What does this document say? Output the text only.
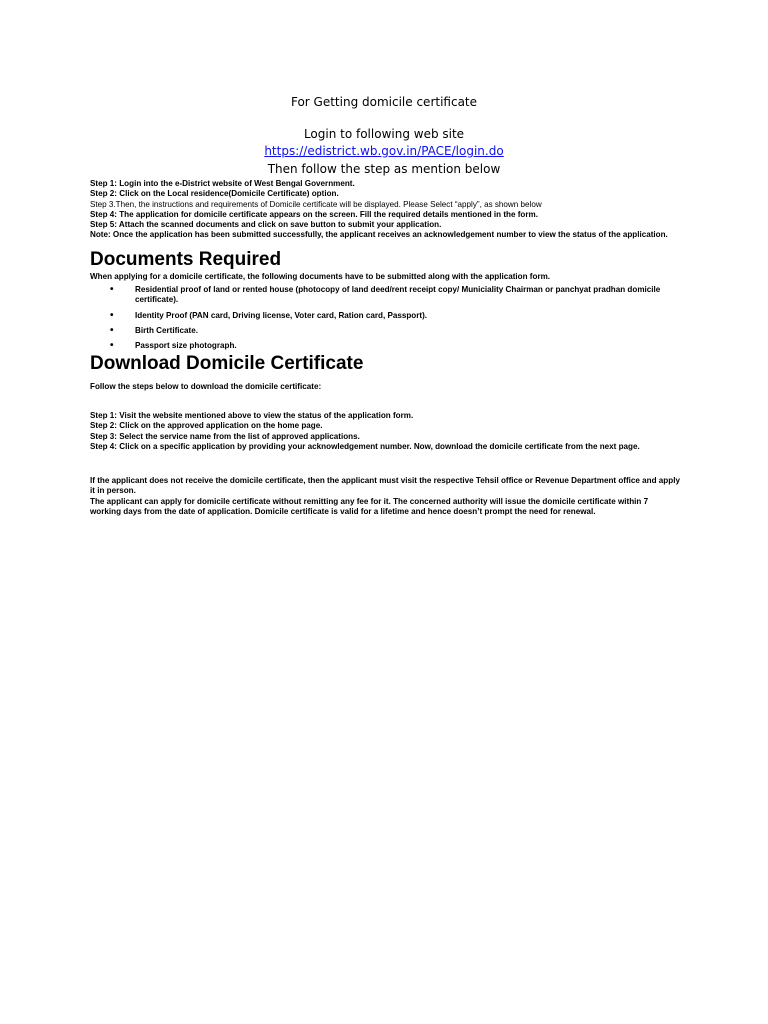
For Getting domicile certificate
Login to following web site
https://edistrict.wb.gov.in/PACE/login.do
Then follow the step as mention below

Step 1: Login into the e-District website of West Bengal Government.

Step 2: Click on the Local residence(Domicile Certificate) option.

Step 3.Then, the instructions and requirements of Domicile certificate will be displayed. Please Select “apply”, as shown below

Step 4: The application for domicile certificate appears on the screen. Fill the required details mentioned in the form.

Step 5: Attach the scanned documents and click on save button to submit your application.

Note: Once the application has been submitted successfully, the applicant receives an acknowledgement number to view the status of the application.

Documents Required

When applying for a domicile certificate, the following documents have to be submitted along with the application form.

•	Residential proof of land or rented house (photocopy of land deed/rent receipt copy/ Municiality Chairman or panchyat pradhan domicile certificate).
•	Identity Proof (PAN card, Driving license, Voter card, Ration card, Passport).
•	Birth Certificate.
•	Passport size photograph.
Download Domicile Certificate

Follow the steps below to download the domicile certificate:

Step 1: Visit the website mentioned above to view the status of the application form.

Step 2: Click on the approved application on the home page.

Step 3: Select the service name from the list of approved applications.

Step 4: Click on a specific application by providing your acknowledgement number. Now, download the domicile certificate from the next page.

If the applicant does not receive the domicile certificate, then the applicant must visit the respective Tehsil office or Revenue Department office and apply it in person.

The applicant can apply for domicile certificate without remitting any fee for it. The concerned authority will issue the domicile certificate within 7 working days from the date of application. Domicile certificate is valid for a lifetime and hence doesn’t prompt the need for renewal.
